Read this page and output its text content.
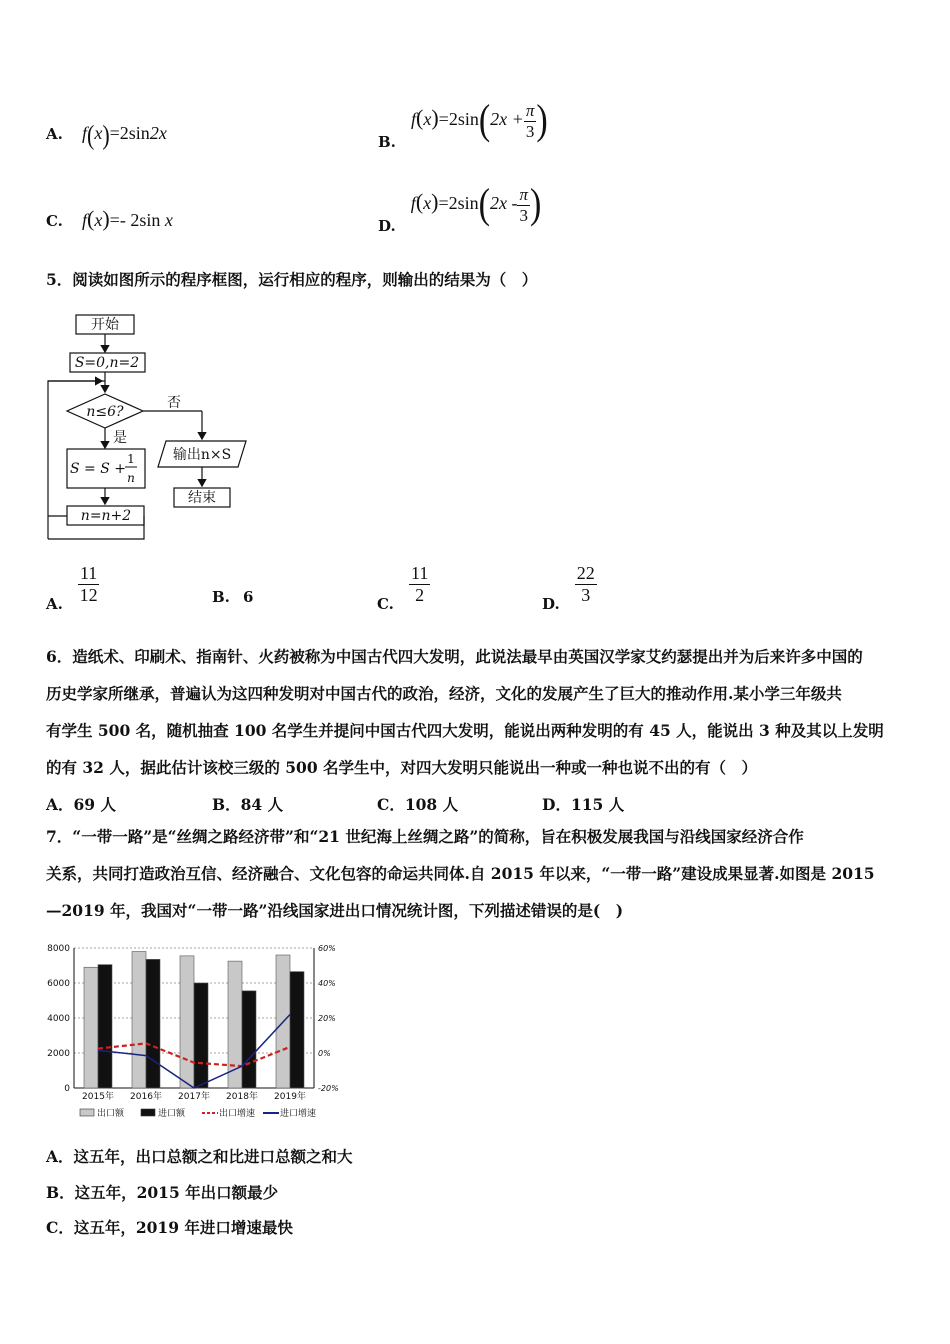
A. f(x)=2sin2x	B. $f(x)=2\sin(2x + \frac{\pi}{3}$ )
C. f(x)=- 2sin x	D. $f(x)=2\sin(2x - \frac{\pi}{3}$ )
5．阅读如图所示的程序框图，运行相应的程序，则输出的结果为（　）
开始
S=0,n=2
n≤6?
否
是
S = S +
1
n
n=n+2
输出n×S
结束
A. $\frac{11}{12}$	B. 6	C. $\frac{11}{2}$	D. $\frac{22}{3}$
6．造纸术、印刷术、指南针、火药被称为中国古代四大发明，此说法最早由英国汉学家艾约瑟提出并为后来许多中国的
历史学家所继承，普遍认为这四种发明对中国古代的政治，经济，文化的发展产生了巨大的推动作用.某小学三年级共
有学生 500 名，随机抽查 100 名学生并提问中国古代四大发明，能说出两种发明的有 45 人，能说出 3 种及其以上发明
的有 32 人，据此估计该校三级的 500 名学生中，对四大发明只能说出一种或一种也说不出的有（　）
A．69 人	B．84 人	C．108 人	D．115 人
7．“一带一路”是“丝绸之路经济带”和“21 世纪海上丝绸之路”的简称，旨在积极发展我国与沿线国家经济合作
关系，共同打造政治互信、经济融合、文化包容的命运共同体.自 2015 年以来，“一带一路”建设成果显著.如图是 2015
—2019 年，我国对“一带一路”沿线国家进出口情况统计图，下列描述错误的是(　)
0
2000
4000
6000
8000
-20%
0%
20%
40%
60%
2015年 2016年 2017年 2018年 2019年
出口额	进口额	出口增速	进口增速
A．这五年，出口总额之和比进口总额之和大
B．这五年，2015 年出口额最少
C．这五年，2019 年进口增速最快
